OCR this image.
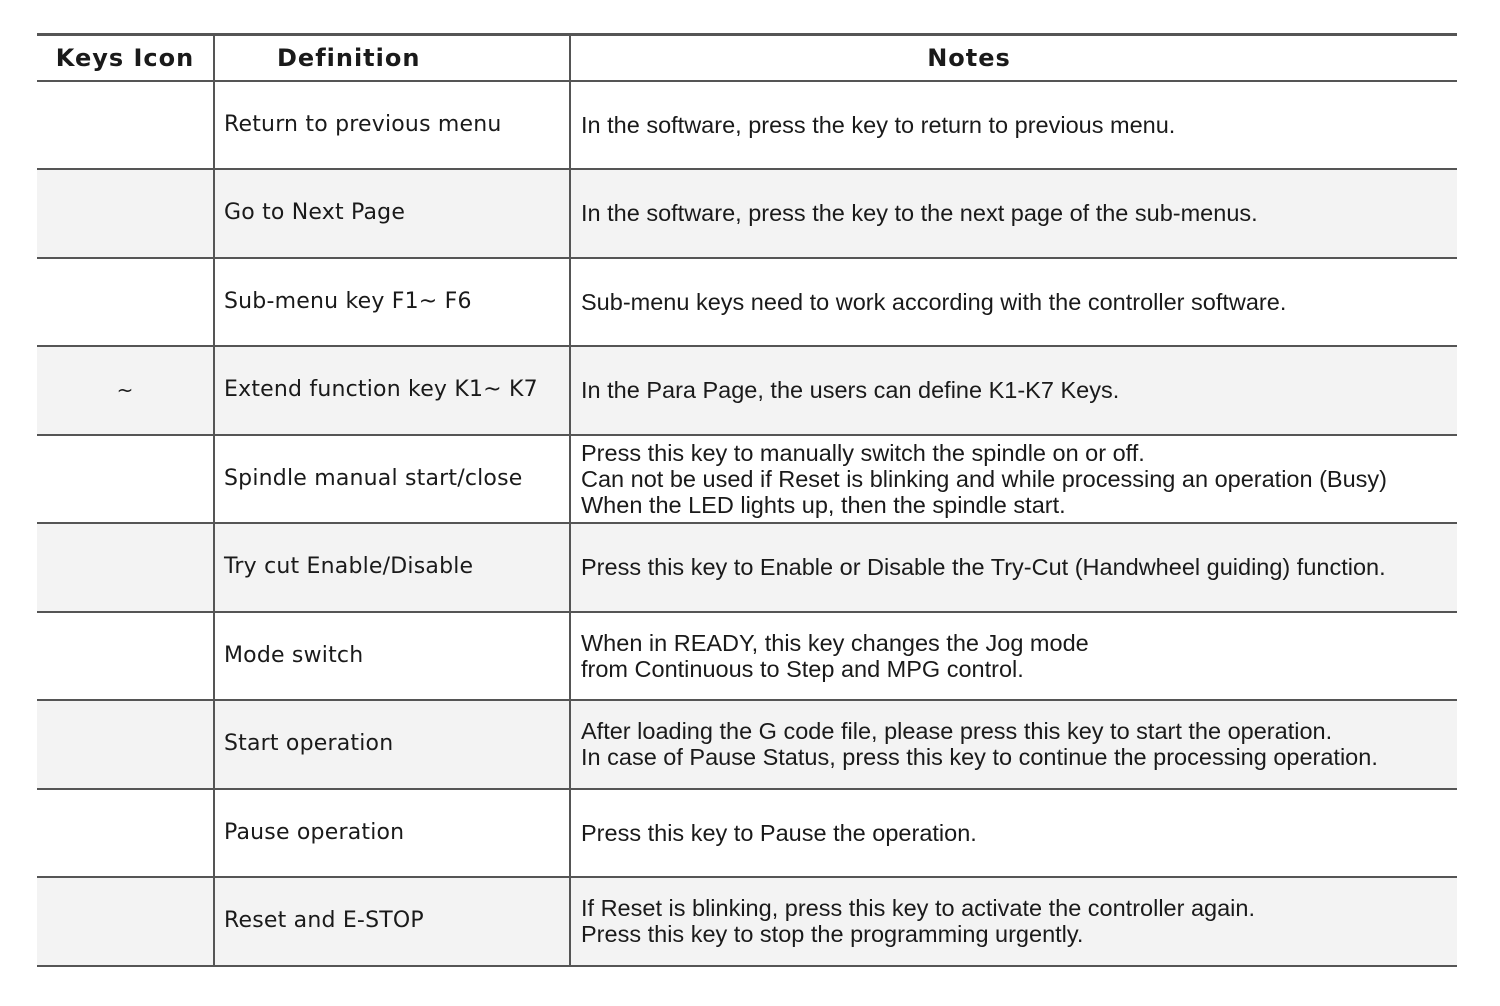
Keys Icon	Definition	Notes
	Return to previous menu	In the software, press the key to return to previous menu.

	Go to Next Page	In the software, press the key to the next page of the sub-menus.

	Sub-menu key F1~ F6	Sub-menu keys need to work according with the controller software.

~	Extend function key K1~ K7	In the Para Page, the users can define K1-K7 Keys.

	Spindle manual start/close	Press this key to manually switch the spindle on or off.
Can not be used if Reset is blinking and while processing an operation (Busy)
When the LED lights up, then the spindle start.

	Try cut Enable/Disable	Press this key to Enable or Disable the Try-Cut (Handwheel guiding) function.

	Mode switch	When in READY, this key changes the Jog mode
from Continuous to Step and MPG control.

	Start operation	After loading the G code file, please press this key to start the operation.
In case of Pause Status, press this key to continue the processing operation.

	Pause operation	Press this key to Pause the operation.

	Reset and E-STOP	If Reset is blinking, press this key to activate the controller again.
Press this key to stop the programming urgently.
